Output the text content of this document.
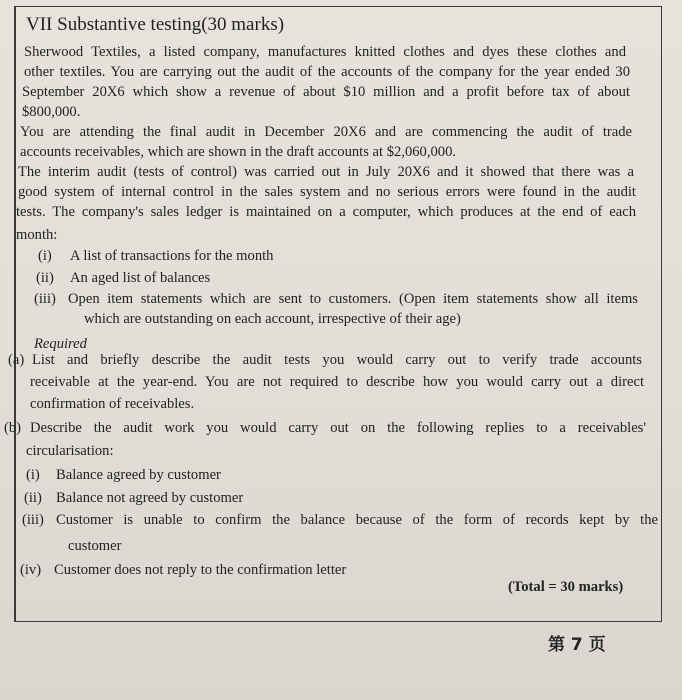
VII Substantive testing(30 marks)
Sherwood Textiles, a listed company, manufactures knitted clothes and dyes these clothes and
other textiles. You are carrying out the audit of the accounts of the company for the year ended 30
September 20X6 which show a revenue of about $10 million and a profit before tax of about
$800,000.
You are attending the final audit in December 20X6 and are commencing the audit of trade
accounts receivables, which are shown in the draft accounts at $2,060,000.
The interim audit (tests of control) was carried out in July 20X6 and it showed that there was a
good system of internal control in the sales system and no serious errors were found in the audit
tests. The company's sales ledger is maintained on a computer, which produces at the end of each
month:
(i) A list of transactions for the month
(ii) An aged list of balances
(iii) Open item statements which are sent to customers. (Open item statements show all items
which are outstanding on each account, irrespective of their age)
Required
(a) List and briefly describe the audit tests you would carry out to verify trade accounts
receivable at the year-end. You are not required to describe how you would carry out a direct
confirmation of receivables.
(b) Describe the audit work you would carry out on the following replies to a receivables'
circularisation:
(i) Balance agreed by customer
(ii) Balance not agreed by customer
(iii) Customer is unable to confirm the balance because of the form of records kept by the
customer
(iv) Customer does not reply to the confirmation letter
(Total = 30 marks)
第 7 页
